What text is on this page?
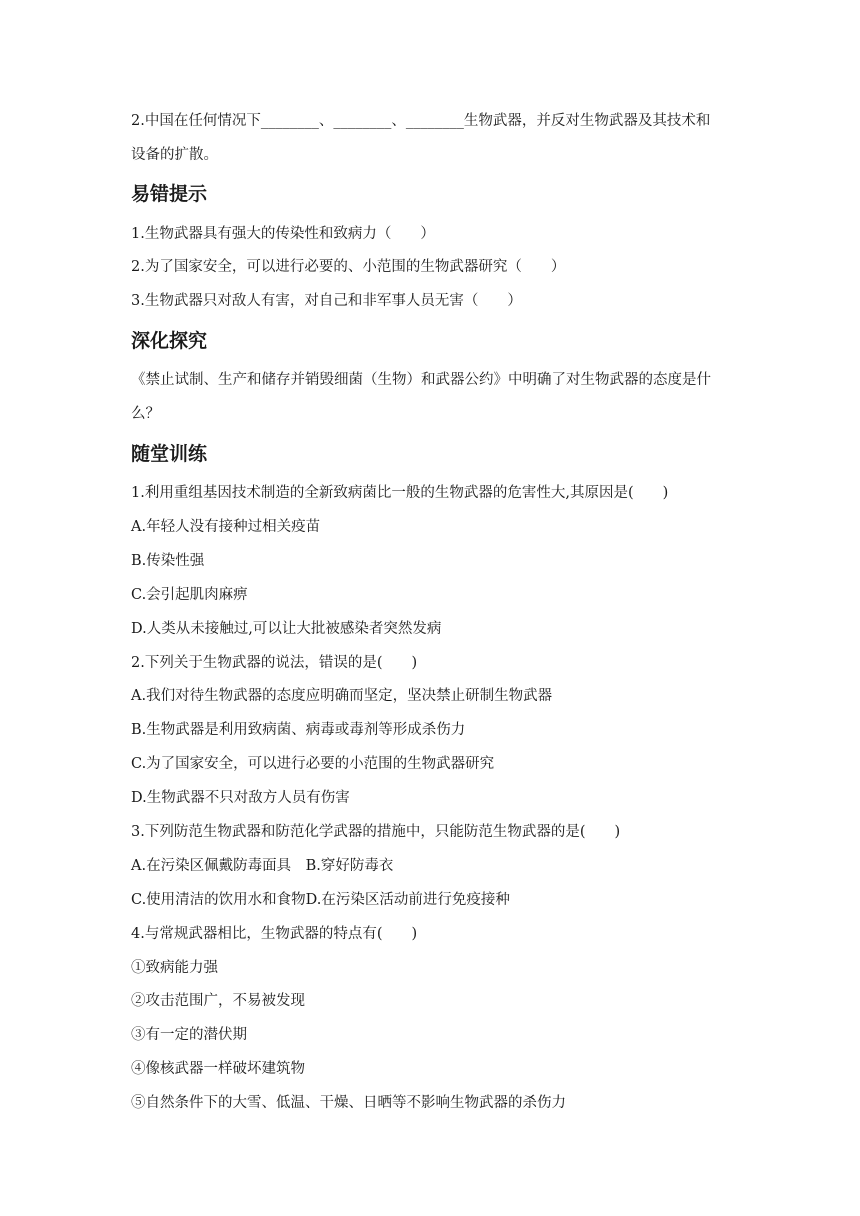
2.中国在任何情况下________、________、________生物武器，并反对生物武器及其技术和
设备的扩散。
易错提示
1.生物武器具有强大的传染性和致病力（　　）
2.为了国家安全，可以进行必要的、小范围的生物武器研究（　　）
3.生物武器只对敌人有害，对自己和非军事人员无害（　　）
深化探究
《禁止试制、生产和储存并销毁细菌（生物）和武器公约》中明确了对生物武器的态度是什
么？
随堂训练
1.利用重组基因技术制造的全新致病菌比一般的生物武器的危害性大,其原因是(　　)
A.年轻人没有接种过相关疫苗
B.传染性强
C.会引起肌肉麻痹
D.人类从未接触过,可以让大批被感染者突然发病
2.下列关于生物武器的说法，错误的是(　　)
A.我们对待生物武器的态度应明确而坚定，坚决禁止研制生物武器
B.生物武器是利用致病菌、病毒或毒剂等形成杀伤力
C.为了国家安全，可以进行必要的小范围的生物武器研究
D.生物武器不只对敌方人员有伤害
3.下列防范生物武器和防范化学武器的措施中，只能防范生物武器的是(　　)
A.在污染区佩戴防毒面具　B.穿好防毒衣
C.使用清洁的饮用水和食物D.在污染区活动前进行免疫接种
4.与常规武器相比，生物武器的特点有(　　)
①致病能力强
②攻击范围广，不易被发现
③有一定的潜伏期
④像核武器一样破坏建筑物
⑤自然条件下的大雪、低温、干燥、日晒等不影响生物武器的杀伤力
